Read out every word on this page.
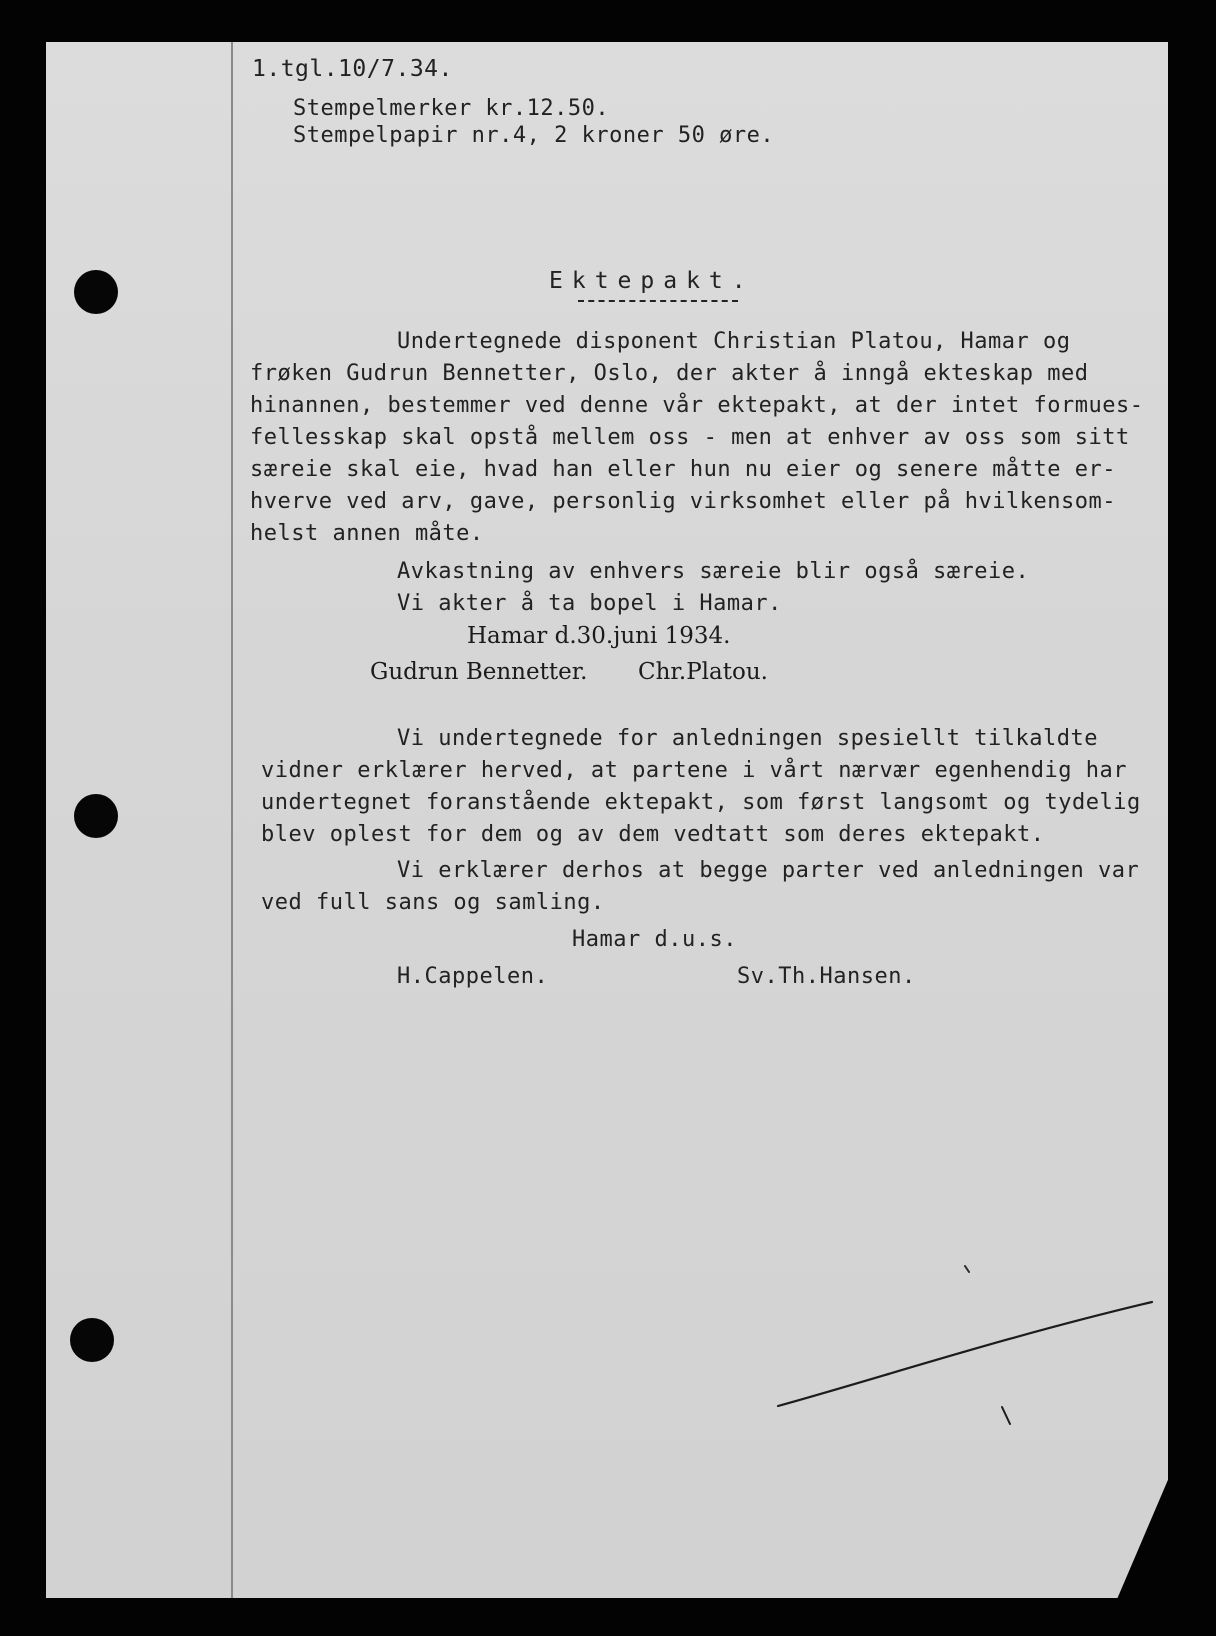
1.tgl.10/7.34.

Stempelmerker kr.12.50.

Stempelpapir nr.4, 2 kroner 50 øre.

Ektepakt.

Undertegnede disponent Christian Platou, Hamar og

frøken Gudrun Bennetter, Oslo, der akter å inngå ekteskap med

hinannen, bestemmer ved denne vår ektepakt, at der intet formues-

fellesskap skal opstå mellem oss - men at enhver av oss som sitt

særeie skal eie, hvad han eller hun nu eier og senere måtte er-

hverve ved arv, gave, personlig virksomhet eller på hvilkensom-

helst annen måte.

Avkastning av enhvers særeie blir også særeie.

Vi akter å ta bopel i Hamar.

Hamar d.30.juni 1934.

Gudrun Bennetter. Chr.Platou.

Vi undertegnede for anledningen spesiellt tilkaldte

vidner erklærer herved, at partene i vårt nærvær egenhendig har

undertegnet foranstående ektepakt, som først langsomt og tydelig

blev oplest for dem og av dem vedtatt som deres ektepakt.

Vi erklærer derhos at begge parter ved anledningen var

ved full sans og samling.

Hamar d.u.s.

H.Cappelen.	Sv.Th.Hansen.
